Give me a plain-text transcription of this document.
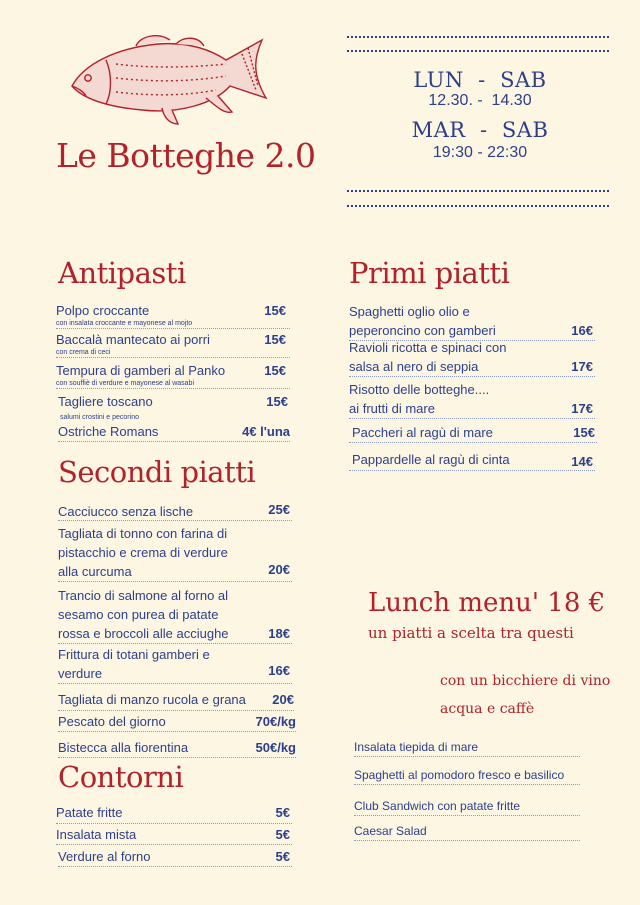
Le Botteghe 2.0
LUN  -  SAB
12.30. -  14.30
MAR  -  SAB
19:30 - 22:30
Antipasti
Polpo croccante	15€
con insalata croccante e mayonese al mojto
Baccalà mantecato ai porri	15€
con crema di ceci
Tempura di gamberi al Panko	15€
con souffiè di verdure e mayonese al wasabi
Tagliere toscano	15€
salumi crostini e pecorino
Ostriche Romans	4€ l'una
Secondi piatti
Cacciucco senza lische	25€
Tagliata di tonno con farina di
pistacchio e crema di verdure
alla curcuma	20€
Trancio di salmone al forno al
sesamo con purea di patate
rossa e broccoli alle acciughe	18€
Frittura di totani gamberi e
verdure	16€
Tagliata di manzo rucola e grana 20€
Pescato del giorno	70€/kg
Bistecca alla fiorentina	50€/kg
Contorni
Patate fritte	5€
Insalata mista	5€
Verdure al forno	5€
Primi piatti
Spaghetti oglio olio e
peperoncino con gamberi	16€
Ravioli ricotta e spinaci con
salsa al nero di seppia	17€
Risotto delle botteghe....
ai frutti di mare	17€
Paccheri al ragù di mare	15€
Pappardelle al ragù di cinta	14€
Lunch menu' 18 €
un piatti a scelta tra questi
con un bicchiere di vino
acqua e caffè
Insalata tiepida di mare
Spaghetti al pomodoro fresco e basilico
Club Sandwich con patate fritte
Caesar Salad
